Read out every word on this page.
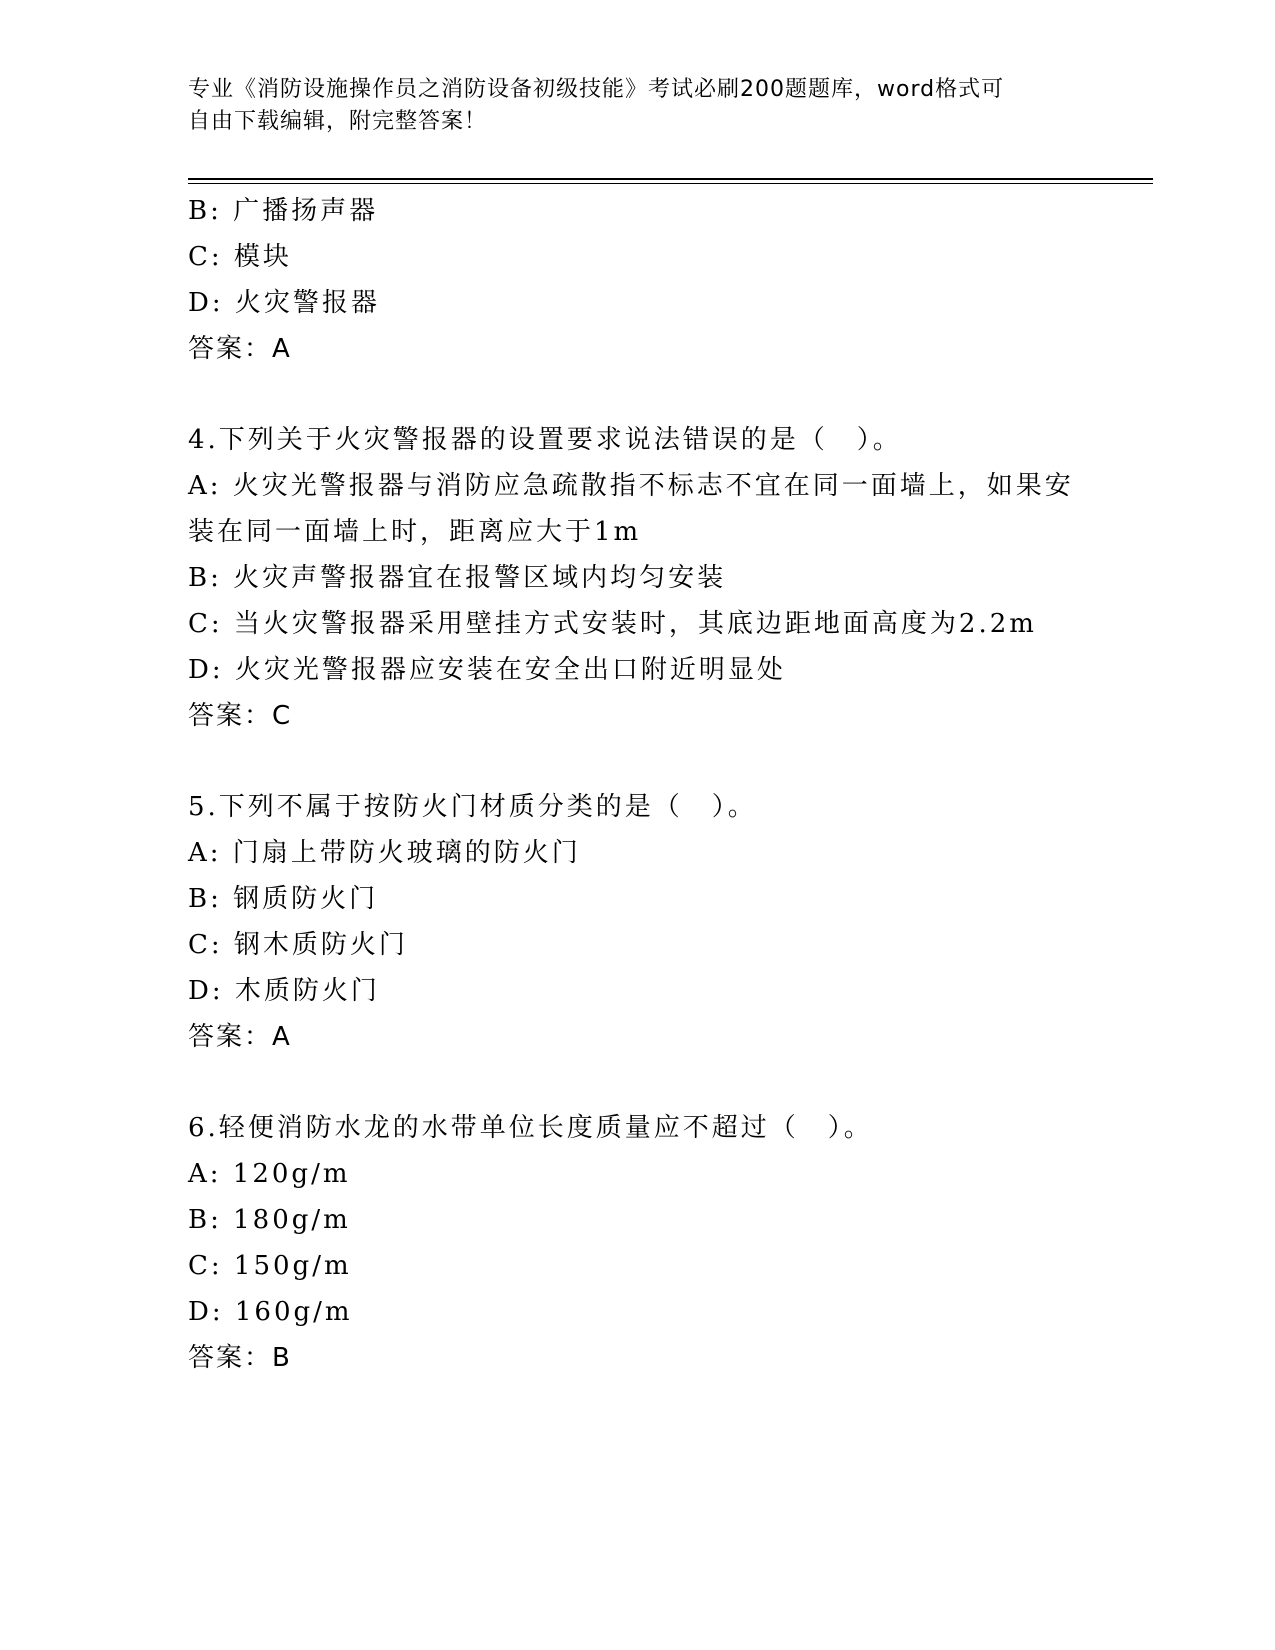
专业《消防设施操作员之消防设备初级技能》考试必刷200题题库，word格式可
自由下载编辑，附完整答案！
B: 广播扬声器
C: 模块
D: 火灾警报器
答案：A
4.下列关于火灾警报器的设置要求说法错误的是（　）。
A: 火灾光警报器与消防应急疏散指不标志不宜在同一面墙上，如果安
装在同一面墙上时，距离应大于1m
B: 火灾声警报器宜在报警区域内均匀安装
C: 当火灾警报器采用壁挂方式安装时，其底边距地面高度为2.2m
D: 火灾光警报器应安装在安全出口附近明显处
答案：C
5.下列不属于按防火门材质分类的是（　）。
A: 门扇上带防火玻璃的防火门
B: 钢质防火门
C: 钢木质防火门
D: 木质防火门
答案：A
6.轻便消防水龙的水带单位长度质量应不超过（　）。
A: 120g/m
B: 180g/m
C: 150g/m
D: 160g/m
答案：B
